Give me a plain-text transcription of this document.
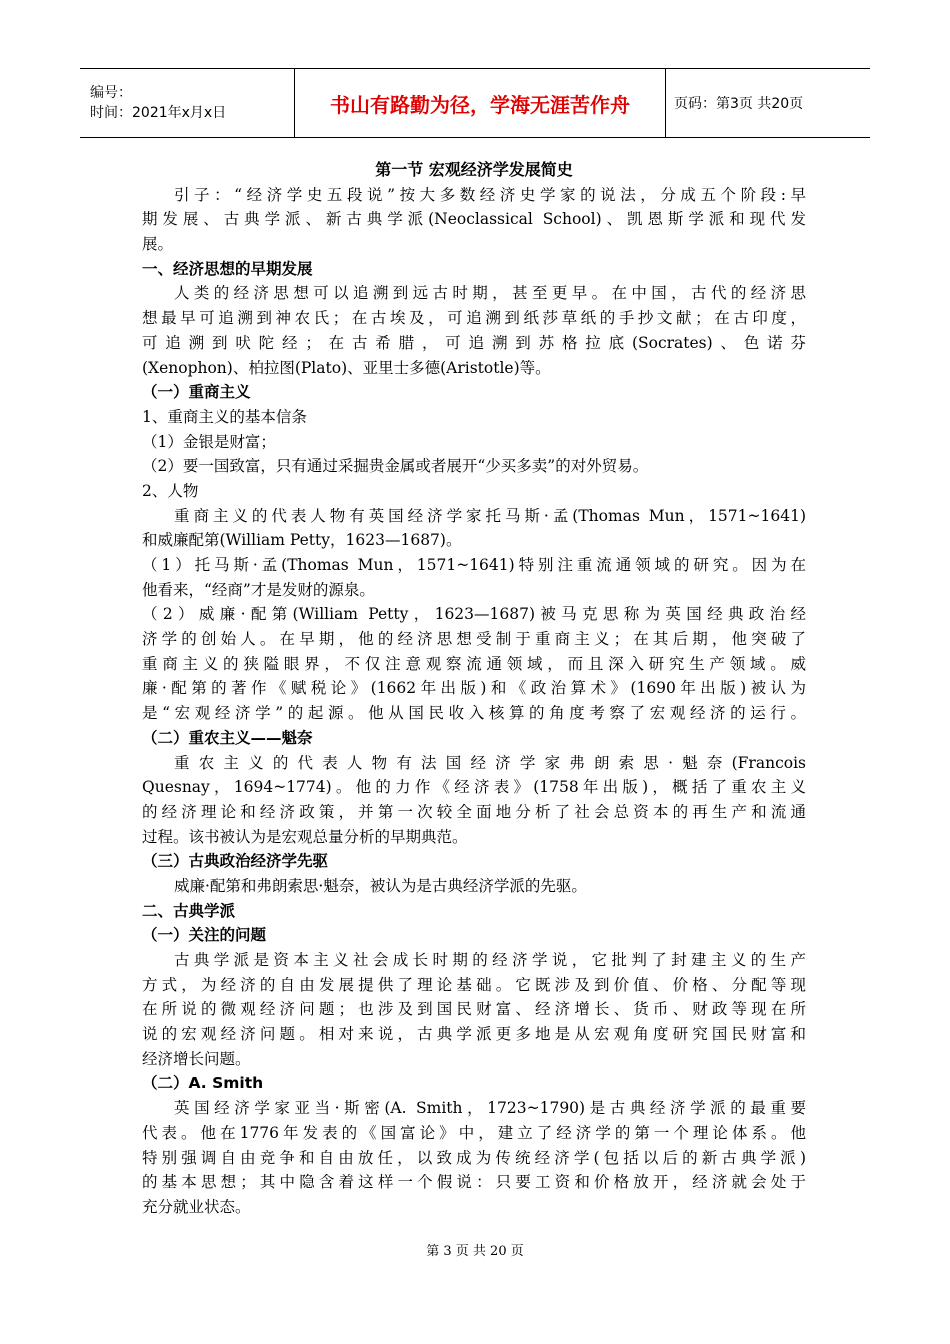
编号：
时间：2021年x月x日	书山有路勤为径，学海无涯苦作舟	页码：第3页 共20页
第一节 宏观经济学发展简史
引子：“经济学史五段说”按大多数经济史学家的说法，分成五个阶段:早
期发展、古典学派、新古典学派(Neoclassical School)、凯恩斯学派和现代发
展。
一、经济思想的早期发展
人类的经济思想可以追溯到远古时期，甚至更早。在中国，古代的经济思
想最早可追溯到神农氏；在古埃及，可追溯到纸莎草纸的手抄文献；在古印度，
可追溯到吠陀经；在古希腊，可追溯到苏格拉底(Socrates)、色诺芬
(Xenophon)、柏拉图(Plato)、亚里士多德(Aristotle)等。
（一）重商主义
1、重商主义的基本信条
（1）金银是财富；
（2）要一国致富，只有通过采掘贵金属或者展开“少买多卖”的对外贸易。
2、人物
重商主义的代表人物有英国经济学家托马斯·孟(Thomas Mun，1571~1641)
和威廉配第(William Petty，1623—1687)。
（1）托马斯·孟(Thomas Mun，1571~1641)特别注重流通领域的研究。因为在
他看来，“经商”才是发财的源泉。
（2）威廉·配第(William Petty，1623—1687)被马克思称为英国经典政治经
济学的创始人。在早期，他的经济思想受制于重商主义；在其后期，他突破了
重商主义的狭隘眼界，不仅注意观察流通领域，而且深入研究生产领域。威
廉·配第的著作《赋税论》(1662年出版)和《政治算术》(1690年出版)被认为
是“宏观经济学”的起源。他从国民收入核算的角度考察了宏观经济的运行。
（二）重农主义——魁奈
重农主义的代表人物有法国经济学家弗朗索思·魁奈(Francois
Quesnay，1694~1774)。他的力作《经济表》(1758年出版)，概括了重农主义
的经济理论和经济政策，并第一次较全面地分析了社会总资本的再生产和流通
过程。该书被认为是宏观总量分析的早期典范。
（三）古典政治经济学先驱
威廉·配第和弗朗索思·魁奈，被认为是古典经济学派的先驱。
二、古典学派
（一）关注的问题
古典学派是资本主义社会成长时期的经济学说，它批判了封建主义的生产
方式，为经济的自由发展提供了理论基础。它既涉及到价值、价格、分配等现
在所说的微观经济问题；也涉及到国民财富、经济增长、货币、财政等现在所
说的宏观经济问题。相对来说，古典学派更多地是从宏观角度研究国民财富和
经济增长问题。
（二）A. Smith
英国经济学家亚当·斯密(A. Smith，1723~1790)是古典经济学派的最重要
代表。他在1776年发表的《国富论》中，建立了经济学的第一个理论体系。他
特别强调自由竞争和自由放任，以致成为传统经济学(包括以后的新古典学派)
的基本思想；其中隐含着这样一个假说：只要工资和价格放开，经济就会处于
充分就业状态。
第 3 页 共 20 页
